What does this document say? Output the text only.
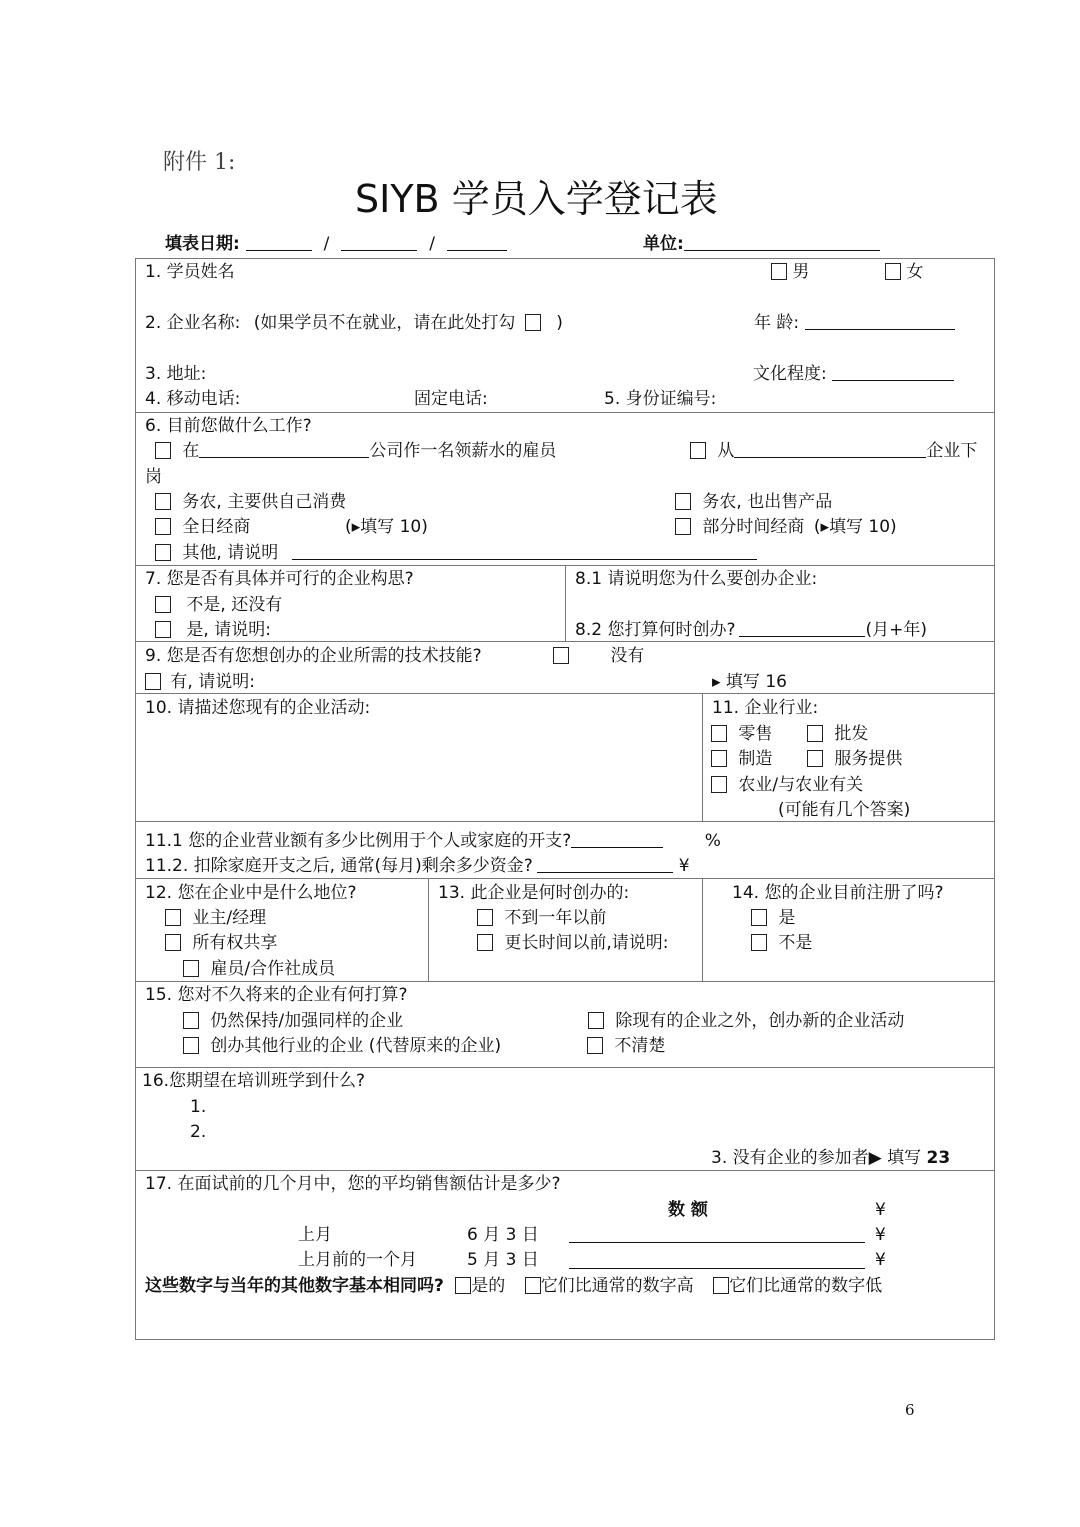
附件 1:
SIYB 学员入学登记表
填表日期:	/	/	单位:
1. 学员姓名	男	女
2. 企业名称: (如果学员不在就业，请在此处打勾 )	年 龄:
3. 地址:	文化程度:
4. 移动电话:	固定电话:	5. 身份证编号:
6. 目前您做什么工作?
在	公司作一名领薪水的雇员	从	企业下
岗
务农, 主要供自己消费	务农, 也出售产品
全日经商	(▸填写 10)	部分时间经商 (▸填写 10)
其他, 请说明
7. 您是否有具体并可行的企业构思?
不是, 还没有
是, 请说明:
8.1 请说明您为什么要创办企业:
8.2 您打算何时创办?	(月+年)
9. 您是否有您想创办的企业所需的技术技能?	没有
有, 请说明:	▸ 填写 16
10. 请描述您现有的企业活动:	11. 企业行业:
零售	批发
制造	服务提供
农业/与农业有关
(可能有几个答案)
11.1 您的企业营业额有多少比例用于个人或家庭的开支?	%
11.2. 扣除家庭开支之后, 通常(每月)剩余多少资金?	¥
12. 您在企业中是什么地位?
业主/经理
所有权共享
雇员/合作社成员
13. 此企业是何时创办的:
不到一年以前
更长时间以前,请说明:
14. 您的企业目前注册了吗?
是
不是
15. 您对不久将来的企业有何打算?
仍然保持/加强同样的企业	除现有的企业之外，创办新的企业活动
创办其他行业的企业 (代替原来的企业)	不清楚
16.您期望在培训班学到什么?
1.
2.
3. 没有企业的参加者▶ 填写 23
17. 在面试前的几个月中，您的平均销售额估计是多少?
数 额	¥
上月	6 月 3 日	¥
上月前的一个月	5 月 3 日	¥
这些数字与当年的其他数字基本相同吗? 是的 它们比通常的数字高 它们比通常的数字低
6
